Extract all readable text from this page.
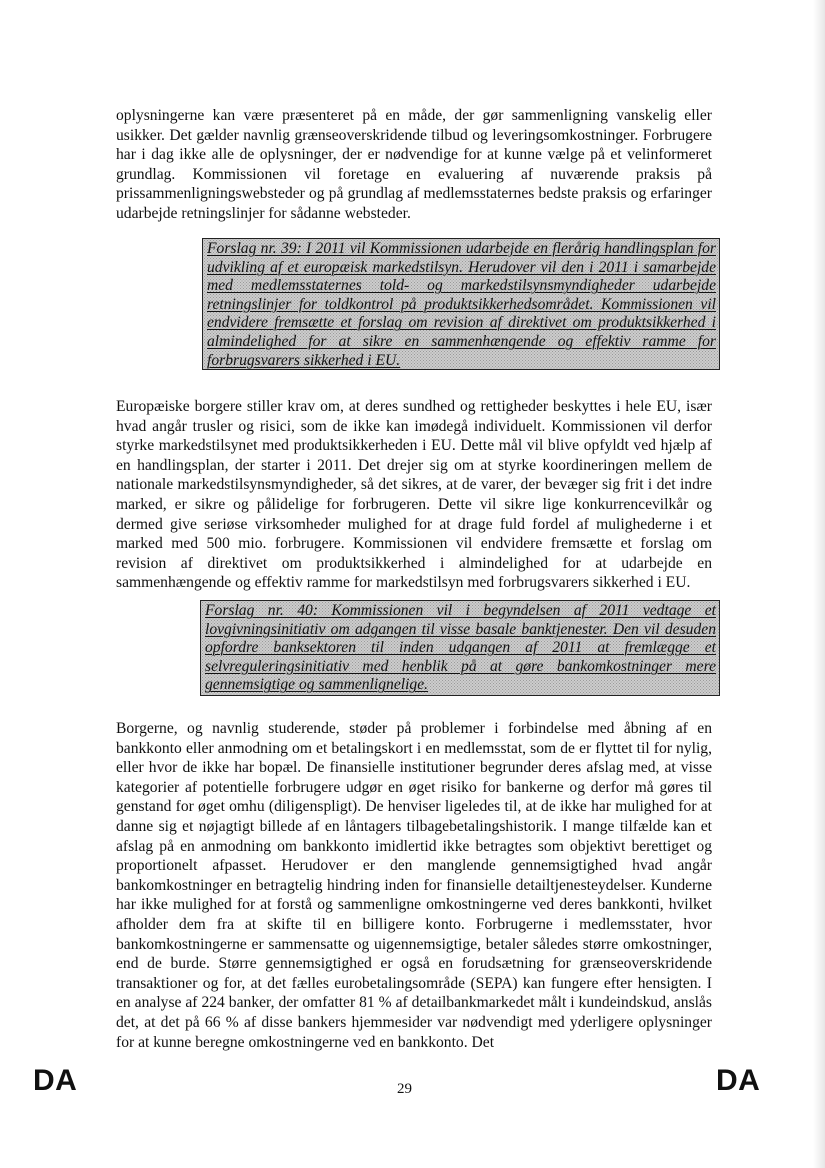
oplysningerne kan være præsenteret på en måde, der gør sammenligning vanskelig eller usikker. Det gælder navnlig grænseoverskridende tilbud og leveringsomkostninger. Forbrugere har i dag ikke alle de oplysninger, der er nødvendige for at kunne vælge på et velinformeret grundlag. Kommissionen vil foretage en evaluering af nuværende praksis på prissammenligningswebsteder og på grundlag af medlemsstaternes bedste praksis og erfaringer udarbejde retningslinjer for sådanne websteder.

Forslag nr. 39: I 2011 vil Kommissionen udarbejde en flerårig handlingsplan for udvikling af et europæisk markedstilsyn. Herudover vil den i 2011 i samarbejde med medlemsstaternes told- og markedstilsynsmyndigheder udarbejde retningslinjer for toldkontrol på produktsikkerhedsområdet. Kommissionen vil endvidere fremsætte et forslag om revision af direktivet om produktsikkerhed i almindelighed for at sikre en sammenhængende og effektiv ramme for forbrugsvarers sikkerhed i EU.

Europæiske borgere stiller krav om, at deres sundhed og rettigheder beskyttes i hele EU, især hvad angår trusler og risici, som de ikke kan imødegå individuelt. Kommissionen vil derfor styrke markedstilsynet med produktsikkerheden i EU. Dette mål vil blive opfyldt ved hjælp af en handlingsplan, der starter i 2011. Det drejer sig om at styrke koordineringen mellem de nationale markedstilsynsmyndigheder, så det sikres, at de varer, der bevæger sig frit i det indre marked, er sikre og pålidelige for forbrugeren. Dette vil sikre lige konkurrencevilkår og dermed give seriøse virksomheder mulighed for at drage fuld fordel af mulighederne i et marked med 500 mio. forbrugere. Kommissionen vil endvidere fremsætte et forslag om revision af direktivet om produktsikkerhed i almindelighed for at udarbejde en sammenhængende og effektiv ramme for markedstilsyn med forbrugsvarers sikkerhed i EU.

Forslag nr. 40: Kommissionen vil i begyndelsen af 2011 vedtage et lovgivningsinitiativ om adgangen til visse basale banktjenester. Den vil desuden opfordre banksektoren til inden udgangen af 2011 at fremlægge et selvreguleringsinitiativ med henblik på at gøre bankomkostninger mere gennemsigtige og sammenlignelige.

Borgerne, og navnlig studerende, støder på problemer i forbindelse med åbning af en bankkonto eller anmodning om et betalingskort i en medlemsstat, som de er flyttet til for nylig, eller hvor de ikke har bopæl. De finansielle institutioner begrunder deres afslag med, at visse kategorier af potentielle forbrugere udgør en øget risiko for bankerne og derfor må gøres til genstand for øget omhu (diligenspligt). De henviser ligeledes til, at de ikke har mulighed for at danne sig et nøjagtigt billede af en låntagers tilbagebetalingshistorik. I mange tilfælde kan et afslag på en anmodning om bankkonto imidlertid ikke betragtes som objektivt berettiget og proportionelt afpasset. Herudover er den manglende gennemsigtighed hvad angår bankomkostninger en betragtelig hindring inden for finansielle detailtjenesteydelser. Kunderne har ikke mulighed for at forstå og sammenligne omkostningerne ved deres bankkonti, hvilket afholder dem fra at skifte til en billigere konto. Forbrugerne i medlemsstater, hvor bankomkostningerne er sammensatte og uigennemsigtige, betaler således større omkostninger, end de burde. Større gennemsigtighed er også en forudsætning for grænseoverskridende transaktioner og for, at det fælles eurobetalingsområde (SEPA) kan fungere efter hensigten. I en analyse af 224 banker, der omfatter 81 % af detailbankmarkedet målt i kundeindskud, anslås det, at det på 66 % af disse bankers hjemmesider var nødvendigt med yderligere oplysninger for at kunne beregne omkostningerne ved en bankkonto. Det

DA	29	DA
